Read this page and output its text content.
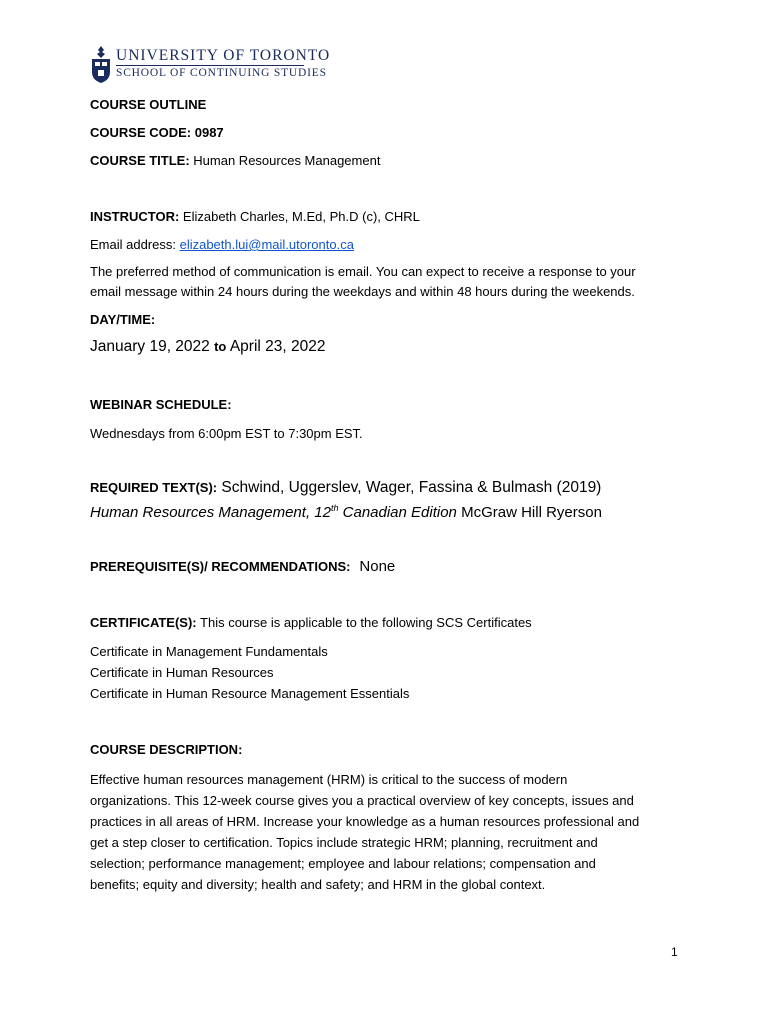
UNIVERSITY OF TORONTO
SCHOOL OF CONTINUING STUDIES
COURSE OUTLINE
COURSE CODE: 0987
COURSE TITLE: Human Resources Management
INSTRUCTOR: Elizabeth Charles, M.Ed, Ph.D (c), CHRL
Email address: elizabeth.lui@mail.utoronto.ca
The preferred method of communication is email. You can expect to receive a response to your
email message within 24 hours during the weekdays and within 48 hours during the weekends.
DAY/TIME:
January 19, 2022 to April 23, 2022
WEBINAR SCHEDULE:
Wednesdays from 6:00pm EST to 7:30pm EST.
REQUIRED TEXT(S): Schwind, Uggerslev, Wager, Fassina & Bulmash (2019)
Human Resources Management, 12th Canadian Edition McGraw Hill Ryerson
PREREQUISITE(S)/ RECOMMENDATIONS: None
CERTIFICATE(S): This course is applicable to the following SCS Certificates
Certificate in Management Fundamentals
Certificate in Human Resources
Certificate in Human Resource Management Essentials
COURSE DESCRIPTION:

Effective human resources management (HRM) is critical to the success of modern

organizations. This 12-week course gives you a practical overview of key concepts, issues and

practices in all areas of HRM. Increase your knowledge as a human resources professional and

get a step closer to certification. Topics include strategic HRM; planning, recruitment and

selection; performance management; employee and labour relations; compensation and

benefits; equity and diversity; health and safety; and HRM in the global context.

1
